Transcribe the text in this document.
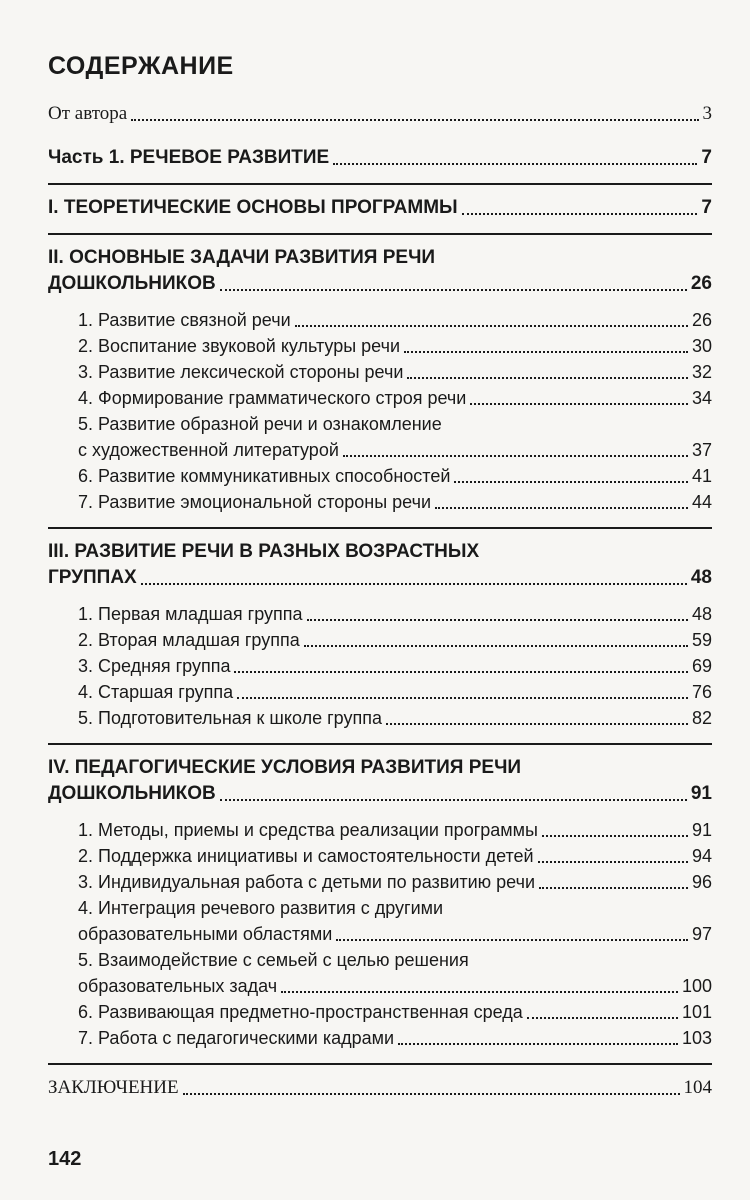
СОДЕРЖАНИЕ
От автора	3
Часть 1. РЕЧЕВОЕ РАЗВИТИЕ	7
I. ТЕОРЕТИЧЕСКИЕ ОСНОВЫ ПРОГРАММЫ	7
II. ОСНОВНЫЕ ЗАДАЧИ РАЗВИТИЯ РЕЧИ
ДОШКОЛЬНИКОВ	26
1. Развитие связной речи	26
2. Воспитание звуковой культуры речи	30
3. Развитие лексической стороны речи	32
4. Формирование грамматического строя речи	34
5. Развитие образной речи и ознакомление
с художественной литературой	37
6. Развитие коммуникативных способностей	41
7. Развитие эмоциональной стороны речи	44
III. РАЗВИТИЕ РЕЧИ В РАЗНЫХ ВОЗРАСТНЫХ
ГРУППАХ	48
1. Первая младшая группа	48
2. Вторая младшая группа	59
3. Средняя группа	69
4. Старшая группа	76
5. Подготовительная к школе группа	82
IV. ПЕДАГОГИЧЕСКИЕ УСЛОВИЯ РАЗВИТИЯ РЕЧИ
ДОШКОЛЬНИКОВ	91
1. Методы, приемы и средства реализации программы	91
2. Поддержка инициативы и самостоятельности детей	94
3. Индивидуальная работа с детьми по развитию речи	96
4. Интеграция речевого развития с другими
образовательными областями	97
5. Взаимодействие с семьей с целью решения
образовательных задач	100
6. Развивающая предметно-пространственная среда	101
7. Работа с педагогическими кадрами	103
ЗАКЛЮЧЕНИЕ	104
142
